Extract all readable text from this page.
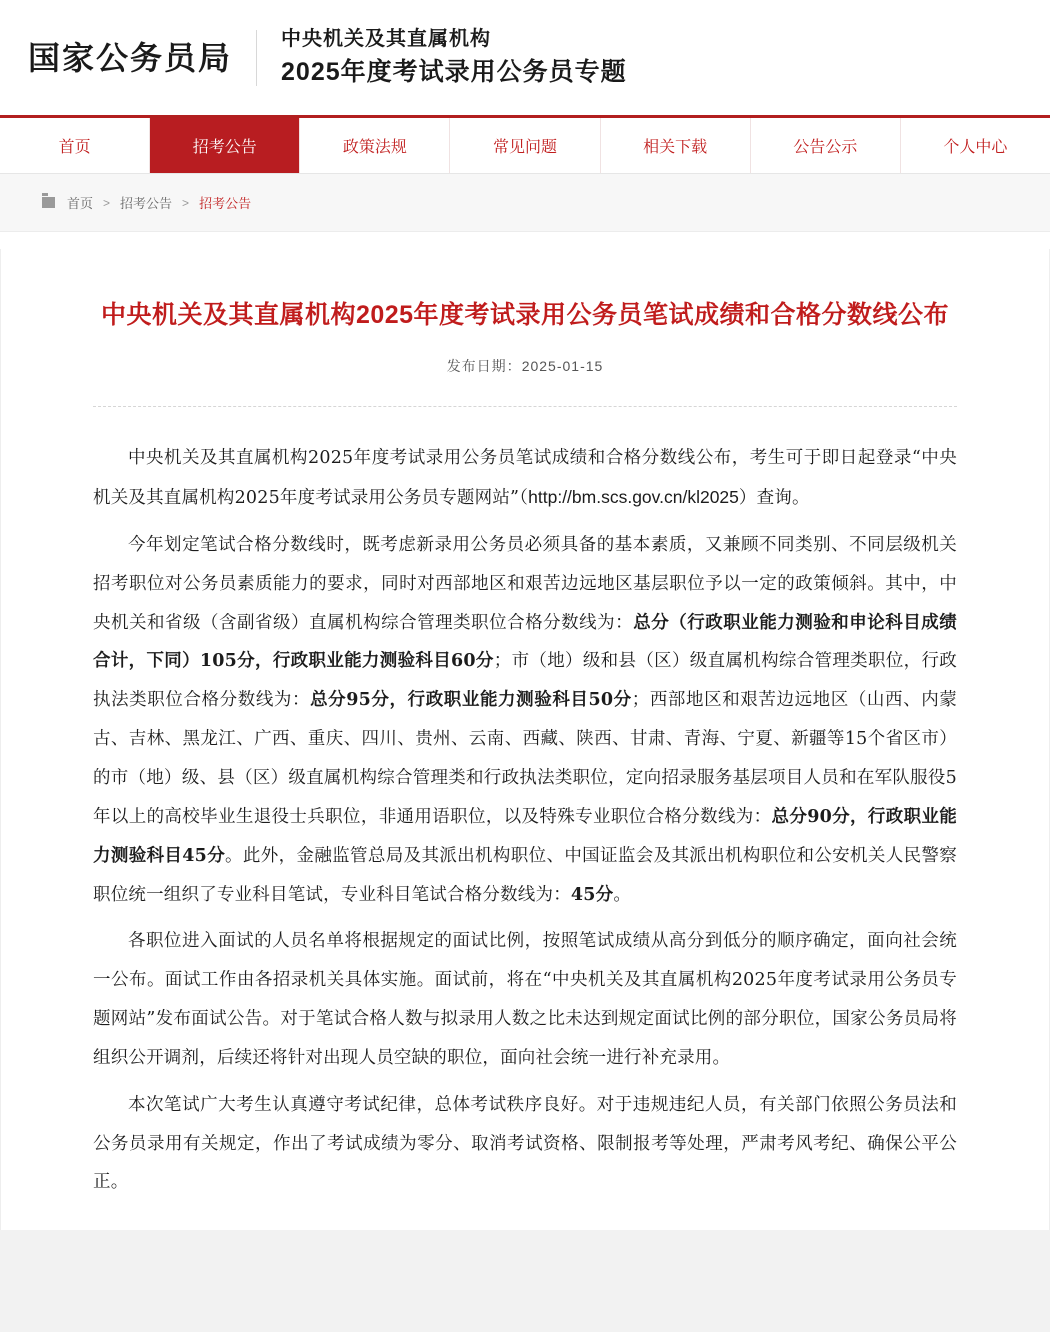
国家公务员局
中央机关及其直属机构
2025年度考试录用公务员专题
首页	招考公告	政策法规	常见问题	相关下载	公告公示	个人中心
首页 > 招考公告 > 招考公告
中央机关及其直属机构2025年度考试录用公务员笔试成绩和合格分数线公布
发布日期：2025-01-15

中央机关及其直属机构2025年度考试录用公务员笔试成绩和合格分数线公布，考生可于即日起登录“中央机关及其直属机构2025年度考试录用公务员专题网站”（http://bm.scs.gov.cn/kl2025）查询。

今年划定笔试合格分数线时，既考虑新录用公务员必须具备的基本素质，又兼顾不同类别、不同层级机关招考职位对公务员素质能力的要求，同时对西部地区和艰苦边远地区基层职位予以一定的政策倾斜。其中，中央机关和省级（含副省级）直属机构综合管理类职位合格分数线为：总分（行政职业能力测验和申论科目成绩合计，下同）105分，行政职业能力测验科目60分；市（地）级和县（区）级直属机构综合管理类职位，行政执法类职位合格分数线为：总分95分，行政职业能力测验科目50分；西部地区和艰苦边远地区（山西、内蒙古、吉林、黑龙江、广西、重庆、四川、贵州、云南、西藏、陕西、甘肃、青海、宁夏、新疆等15个省区市）的市（地）级、县（区）级直属机构综合管理类和行政执法类职位，定向招录服务基层项目人员和在军队服役5年以上的高校毕业生退役士兵职位，非通用语职位，以及特殊专业职位合格分数线为：总分90分，行政职业能力测验科目45分。此外，金融监管总局及其派出机构职位、中国证监会及其派出机构职位和公安机关人民警察职位统一组织了专业科目笔试，专业科目笔试合格分数线为：45分。

各职位进入面试的人员名单将根据规定的面试比例，按照笔试成绩从高分到低分的顺序确定，面向社会统一公布。面试工作由各招录机关具体实施。面试前，将在“中央机关及其直属机构2025年度考试录用公务员专题网站”发布面试公告。对于笔试合格人数与拟录用人数之比未达到规定面试比例的部分职位，国家公务员局将组织公开调剂，后续还将针对出现人员空缺的职位，面向社会统一进行补充录用。

本次笔试广大考生认真遵守考试纪律，总体考试秩序良好。对于违规违纪人员，有关部门依照公务员法和公务员录用有关规定，作出了考试成绩为零分、取消考试资格、限制报考等处理，严肃考风考纪、确保公平公正。
